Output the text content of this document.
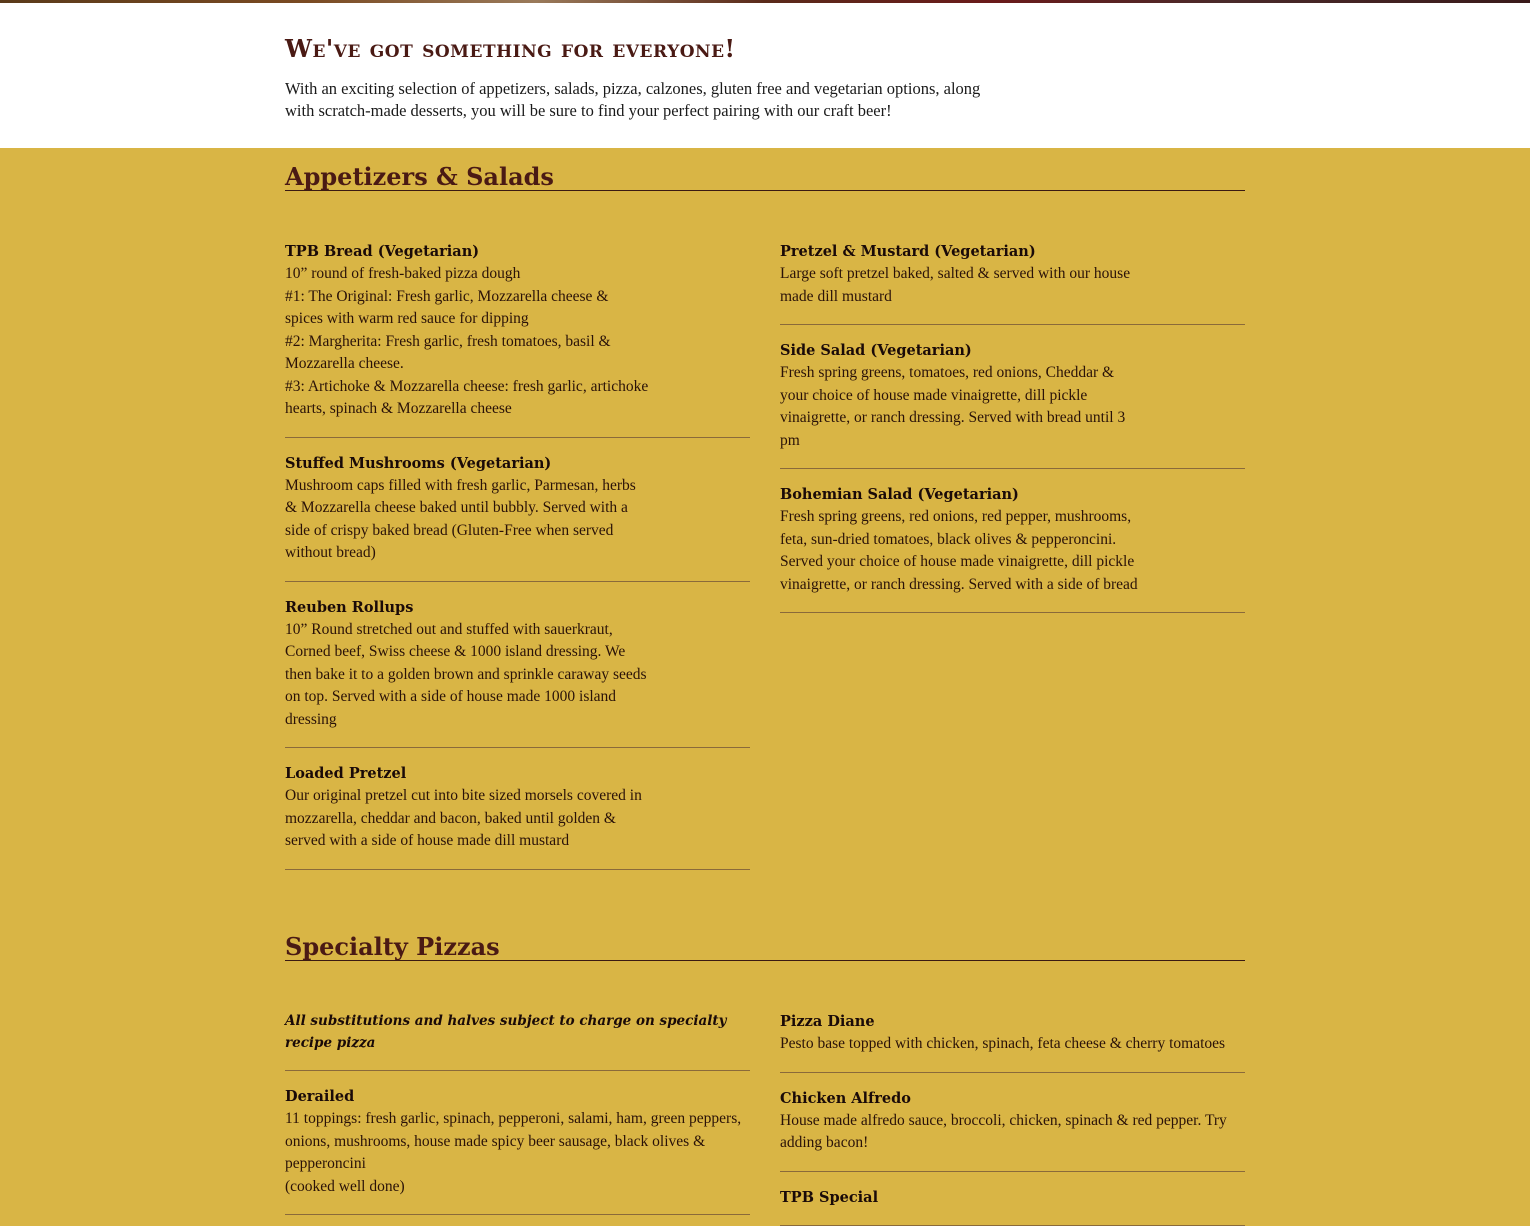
We've got something for everyone!

With an exciting selection of appetizers, salads, pizza, calzones, gluten free and vegetarian options, along with scratch-made desserts, you will be sure to find your perfect pairing with our craft beer!

Appetizers & Salads
TPB Bread (Vegetarian)
10” round of fresh-baked pizza dough
#1: The Original: Fresh garlic, Mozzarella cheese & spices with warm red sauce for dipping
#2: Margherita: Fresh garlic, fresh tomatoes, basil & Mozzarella cheese.
#3: Artichoke & Mozzarella cheese: fresh garlic, artichoke hearts, spinach & Mozzarella cheese
Stuffed Mushrooms (Vegetarian)
Mushroom caps filled with fresh garlic, Parmesan, herbs & Mozzarella cheese baked until bubbly. Served with a side of crispy baked bread (Gluten-Free when served without bread)
Reuben Rollups
10” Round stretched out and stuffed with sauerkraut, Corned beef, Swiss cheese & 1000 island dressing. We then bake it to a golden brown and sprinkle caraway seeds on top. Served with a side of house made 1000 island dressing
Loaded Pretzel
Our original pretzel cut into bite sized morsels covered in mozzarella, cheddar and bacon, baked until golden & served with a side of house made dill mustard
Pretzel & Mustard (Vegetarian)
Large soft pretzel baked, salted & served with our house made dill mustard
Side Salad (Vegetarian)
Fresh spring greens, tomatoes, red onions, Cheddar & your choice of house made vinaigrette, dill pickle vinaigrette, or ranch dressing. Served with bread until 3 pm
Bohemian Salad (Vegetarian)
Fresh spring greens, red onions, red pepper, mushrooms, feta, sun-dried tomatoes, black olives & pepperoncini. Served your choice of house made vinaigrette, dill pickle vinaigrette, or ranch dressing. Served with a side of bread
Specialty Pizzas
All substitutions and halves subject to charge on specialty recipe pizza
Derailed
11 toppings: fresh garlic, spinach, pepperoni, salami, ham, green peppers, onions, mushrooms, house made spicy beer sausage, black olives & pepperoncini
(cooked well done)
Pizza Diane
Pesto base topped with chicken, spinach, feta cheese & cherry tomatoes
Chicken Alfredo
House made alfredo sauce, broccoli, chicken, spinach & red pepper. Try adding bacon!
TPB Special
